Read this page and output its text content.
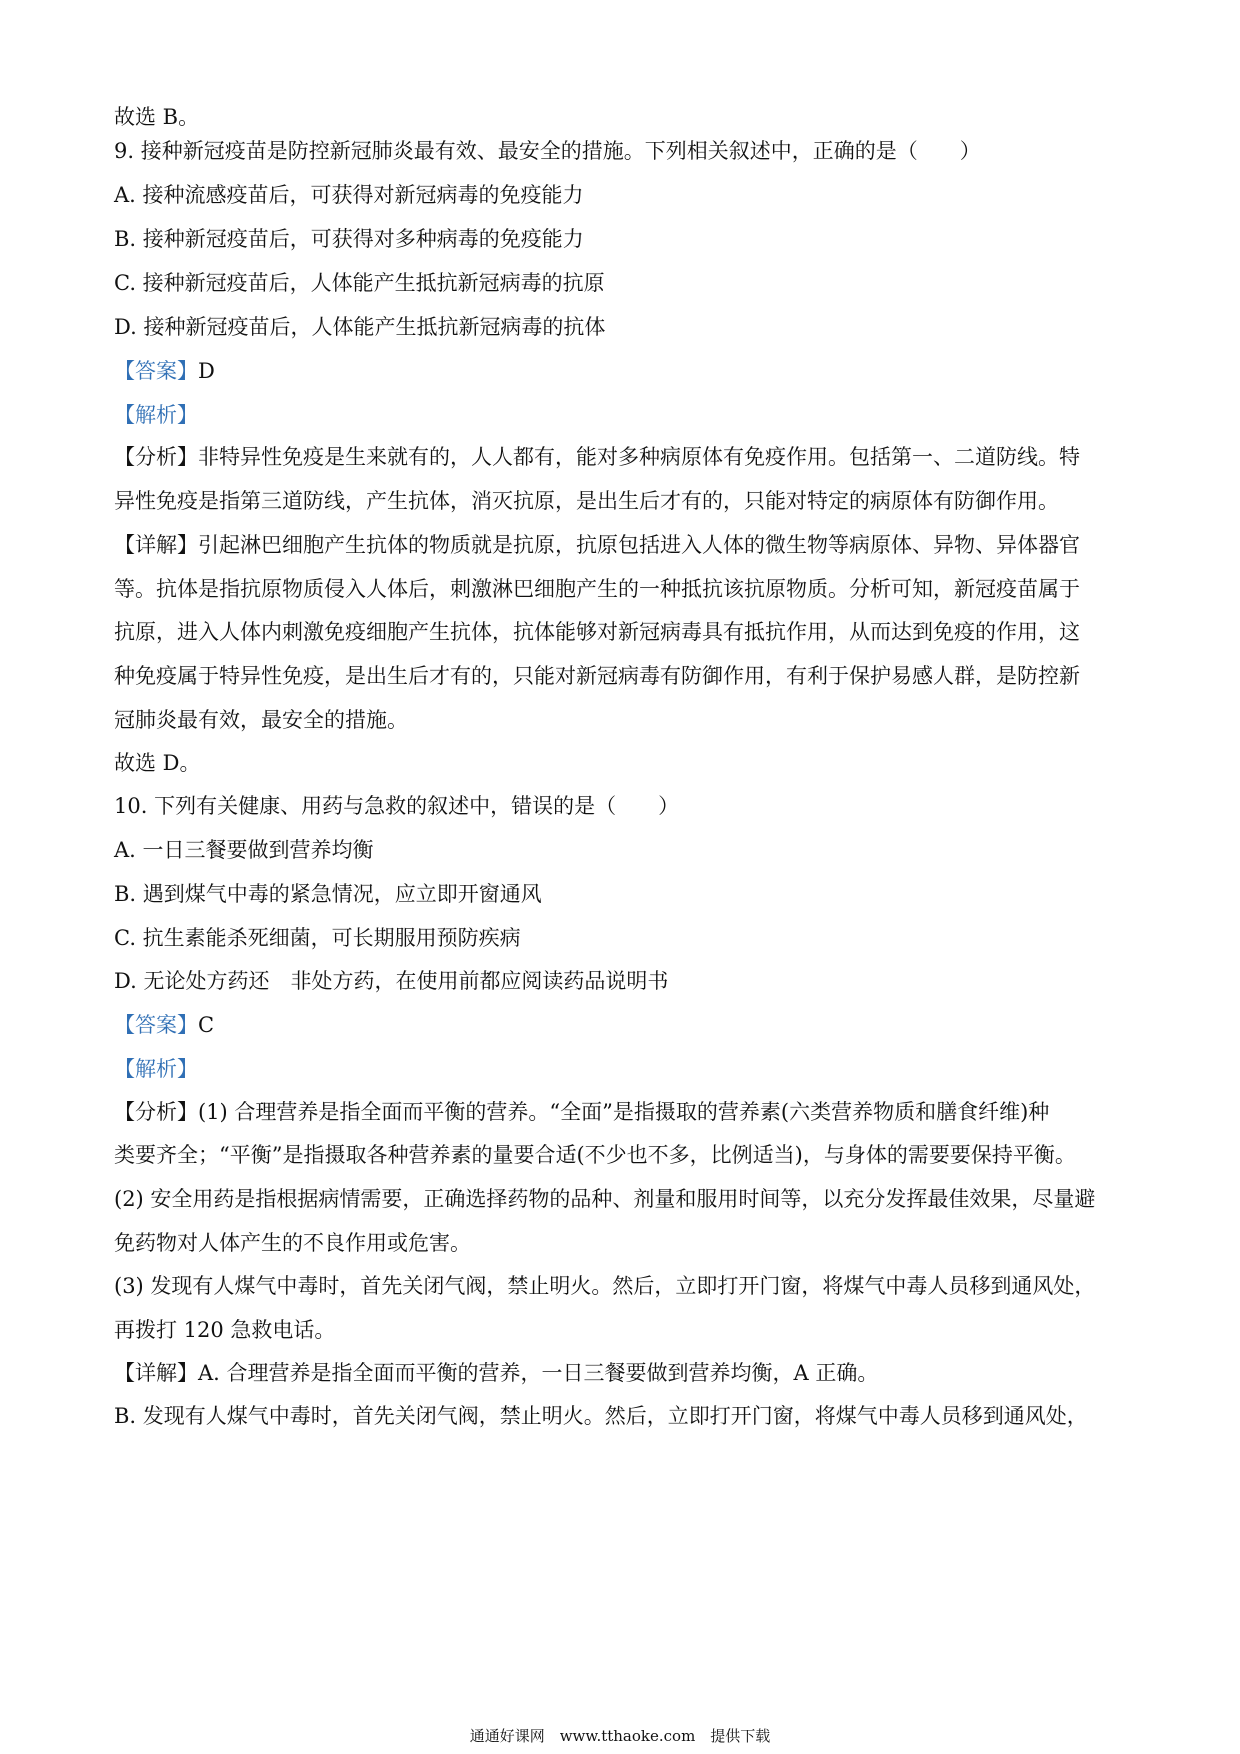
故选 B。
9. 接种新冠疫苗是防控新冠肺炎最有效、最安全的措施。下列相关叙述中，正确的是（　　）
A. 接种流感疫苗后，可获得对新冠病毒的免疫能力
B. 接种新冠疫苗后，可获得对多种病毒的免疫能力
C. 接种新冠疫苗后，人体能产生抵抗新冠病毒的抗原
D. 接种新冠疫苗后，人体能产生抵抗新冠病毒的抗体
【答案】D
【解析】
【分析】非特异性免疫是生来就有的，人人都有，能对多种病原体有免疫作用。包括第一、二道防线。特
异性免疫是指第三道防线，产生抗体，消灭抗原，是出生后才有的，只能对特定的病原体有防御作用。
【详解】引起淋巴细胞产生抗体的物质就是抗原，抗原包括进入人体的微生物等病原体、异物、异体器官
等。抗体是指抗原物质侵入人体后，刺激淋巴细胞产生的一种抵抗该抗原物质。分析可知，新冠疫苗属于
抗原，进入人体内刺激免疫细胞产生抗体，抗体能够对新冠病毒具有抵抗作用，从而达到免疫的作用，这
种免疫属于特异性免疫，是出生后才有的，只能对新冠病毒有防御作用，有利于保护易感人群，是防控新
冠肺炎最有效，最安全的措施。
故选 D。
10. 下列有关健康、用药与急救的叙述中，错误的是（　　）
A. 一日三餐要做到营养均衡
B. 遇到煤气中毒的紧急情况，应立即开窗通风
C. 抗生素能杀死细菌，可长期服用预防疾病
D. 无论处方药还　非处方药，在使用前都应阅读药品说明书
【答案】C
【解析】
【分析】(1) 合理营养是指全面而平衡的营养。“全面”是指摄取的营养素(六类营养物质和膳食纤维)种
类要齐全；“平衡”是指摄取各种营养素的量要合适(不少也不多，比例适当)，与身体的需要要保持平衡。
(2) 安全用药是指根据病情需要，正确选择药物的品种、剂量和服用时间等，以充分发挥最佳效果，尽量避
免药物对人体产生的不良作用或危害。
(3) 发现有人煤气中毒时，首先关闭气阀，禁止明火。然后，立即打开门窗，将煤气中毒人员移到通风处，
再拨打 120 急救电话。
【详解】A. 合理营养是指全面而平衡的营养，一日三餐要做到营养均衡，A 正确。
B. 发现有人煤气中毒时，首先关闭气阀，禁止明火。然后，立即打开门窗，将煤气中毒人员移到通风处，
通通好课网　www.tthaoke.com　提供下载
